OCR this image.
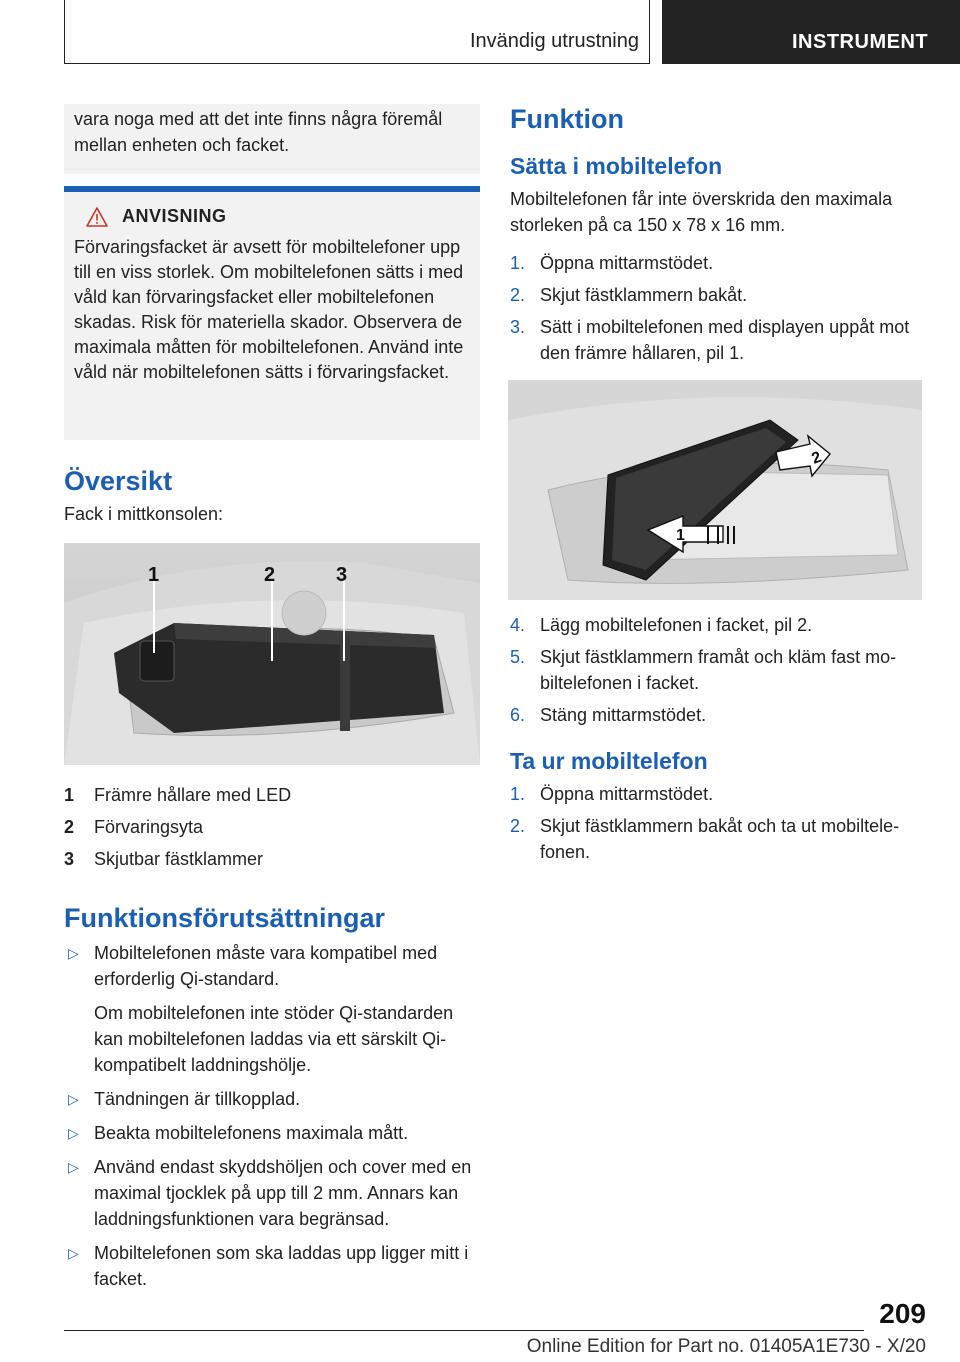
Invändig utrustning	INSTRUMENT
vara noga med att det inte finns några föremål mellan enheten och facket.
ANVISNING
Förvaringsfacket är avsett för mobiltelefoner upp till en viss storlek. Om mobiltelefonen sätts i med våld kan förvaringsfacket eller mobiltelefonen skadas. Risk för materiella skador. Observera de maximala måtten för mobiltelefonen. Använd inte våld när mobiltelefonen sätts i förvaringsfacket.
Översikt

Fack i mittkonsolen:

1	2	3
1	Främre hållare med LED
2	Förvaringsyta
3	Skjutbar fästklammer
Funktionsförutsättningar
▷ Mobiltelefonen måste vara kompatibel med erforderlig Qi-standard.

Om mobiltelefonen inte stöder Qi-standarden kan mobiltelefonen laddas via ett särskilt Qi-kompatibelt laddningshölje.

▷ Tändningen är tillkopplad.

▷ Beakta mobiltelefonens maximala mått.

▷ Använd endast skyddshöljen och cover med en maximal tjocklek på upp till 2 mm. Annars kan laddningsfunktionen vara begränsad.

▷ Mobiltelefonen som ska laddas upp ligger mitt i facket.

Funktion
Sätta i mobiltelefon

Mobiltelefonen får inte överskrida den maximala storleken på ca 150 x 78 x 16 mm.

1. Öppna mittarmstödet.
2. Skjut fästklammern bakåt.
3. Sätt i mobiltelefonen med displayen uppåt mot den främre hållaren, pil 1.
2
1
4. Lägg mobiltelefonen i facket, pil 2.
5. Skjut fästklammern framåt och kläm fast mobiltelefonen i facket.
6. Stäng mittarmstödet.
Ta ur mobiltelefon
1. Öppna mittarmstödet.
2. Skjut fästklammern bakåt och ta ut mobiltelefonen.
209
Online Edition for Part no. 01405A1E730 - X/20
